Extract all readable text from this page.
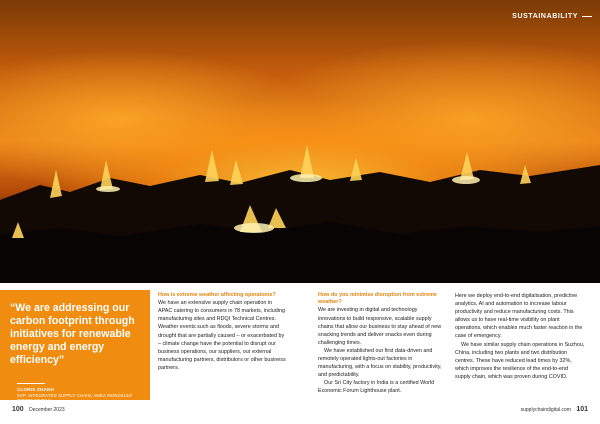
SUSTAINABILITY
“We are addressing our carbon footprint through initiatives for renewable energy and energy efficiency”
CLORIS ZHANG
SVP, INTEGRATED SUPPLY CHAIN, AMEA MONDELEZ INTERNATIONAL
How is extreme weather affecting operations?

We have an extensive supply chain operation in APAC catering to consumers in 78 markets, including manufacturing sites and RDQI Technical Centres. Weather events such as floods, severe storms and drought that are partially caused – or exacerbated by – climate change have the potential to disrupt our business operations, our suppliers, our external manufacturing partners, distributors or other business partners.

How do you minimise disruption from extreme weather?

We are investing in digital and technology innovations to build responsive, scalable supply chains that allow our business to stay ahead of new snacking trends and deliver snacks even during challenging times.

We have established our first data-driven and remotely operated lights-out factories in manufacturing, with a focus on stability, productivity, and predictability.

Our Sri City factory in India is a certified World Economic Forum Lighthouse plant.

Here we deploy end-to-end digitalisation, predictive analytics, AI and automation to increase labour productivity and reduce manufacturing costs. This allows us to have real-time visibility on plant operations, which enables much faster reaction in the case of emergency.

We have similar supply chain operations in Suzhou, China, including two plants and two distribution centres. These have reduced lead times by 32%, which improves the resilience of the end-to-end supply chain, which was proven during COVID.

100 December 2023	supplychaindigital.com 101
